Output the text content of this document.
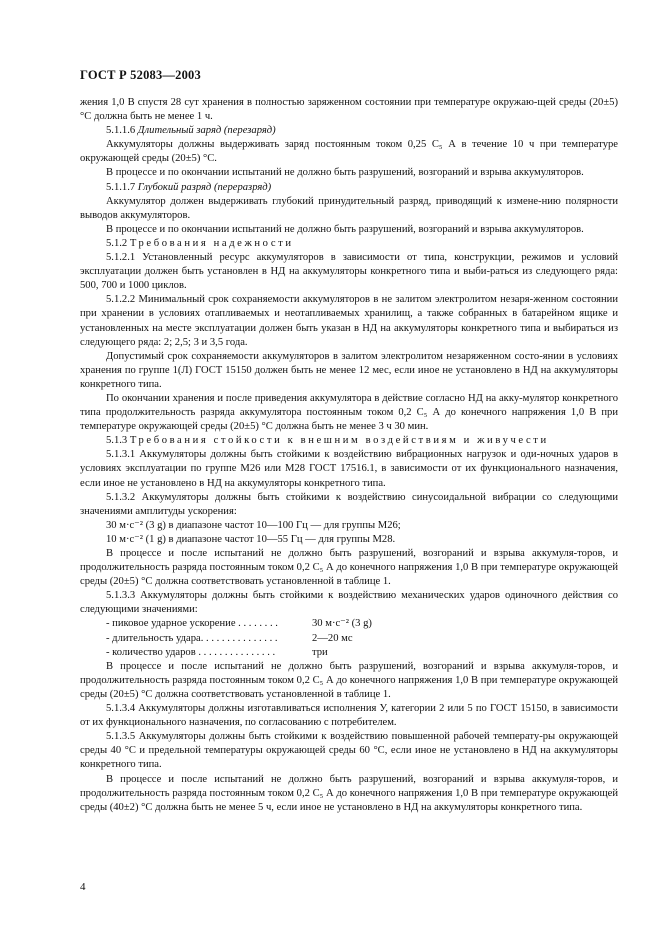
ГОСТ Р 52083—2003

жения 1,0 В спустя 28 сут хранения в полностью заряженном состоянии при температуре окружаю-щей среды (20±5) °С должна быть не менее 1 ч.

5.1.1.6 Длительный заряд (перезаряд)

Аккумуляторы должны выдерживать заряд постоянным током 0,25 C₅ А в течение 10 ч при температуре окружающей среды (20±5) °С.

В процессе и по окончании испытаний не должно быть разрушений, возгораний и взрыва аккумуляторов.

5.1.1.7 Глубокий разряд (переразряд)

Аккумулятор должен выдерживать глубокий принудительный разряд, приводящий к измене-нию полярности выводов аккумуляторов.

В процессе и по окончании испытаний не должно быть разрушений, возгораний и взрыва аккумуляторов.

5.1.2 Требования надежности

5.1.2.1 Установленный ресурс аккумуляторов в зависимости от типа, конструкции, режимов и условий эксплуатации должен быть установлен в НД на аккумуляторы конкретного типа и выби-раться из следующего ряда: 500, 700 и 1000 циклов.

5.1.2.2 Минимальный срок сохраняемости аккумуляторов в не залитом электролитом незаря-женном состоянии при хранении в условиях отапливаемых и неотапливаемых хранилищ, а также собранных в батарейном ящике и установленных на месте эксплуатации должен быть указан в НД на аккумуляторы конкретного типа и выбираться из следующего ряда: 2; 2,5; 3 и 3,5 года.

Допустимый срок сохраняемости аккумуляторов в залитом электролитом незаряженном состо-янии в условиях хранения по группе 1(Л) ГОСТ 15150 должен быть не менее 12 мес, если иное не установлено в НД на аккумуляторы конкретного типа.

По окончании хранения и после приведения аккумулятора в действие согласно НД на акку-мулятор конкретного типа продолжительность разряда аккумулятора постоянным током 0,2 C₅ А до конечного напряжения 1,0 В при температуре окружающей среды (20±5) °С должна быть не менее 3 ч 30 мин.

5.1.3 Требования стойкости к внешним воздействиям и живучести

5.1.3.1 Аккумуляторы должны быть стойкими к воздействию вибрационных нагрузок и оди-ночных ударов в условиях эксплуатации по группе М26 или М28 ГОСТ 17516.1, в зависимости от их функционального назначения, если иное не установлено в НД на аккумуляторы конкретного типа.

5.1.3.2 Аккумуляторы должны быть стойкими к воздействию синусоидальной вибрации со следующими значениями амплитуды ускорения:

30 м·с⁻² (3 g) в диапазоне частот 10—100 Гц — для группы М26;

10 м·с⁻² (1 g) в диапазоне частот 10—55 Гц — для группы М28.

В процессе и после испытаний не должно быть разрушений, возгораний и взрыва аккумуля-торов, и продолжительность разряда постоянным током 0,2 C₅ А до конечного напряжения 1,0 В при температуре окружающей среды (20±5) °С должна соответствовать установленной в таблице 1.

5.1.3.3 Аккумуляторы должны быть стойкими к воздействию механических ударов одиночного действия со следующими значениями:

- пиковое ударное ускорение . . . . . . . .	30 м·с⁻² (3 g)
- длительность удара. . . . . . . . . . . . . . .	2—20 мс
- количество ударов . . . . . . . . . . . . . . .	три

В процессе и после испытаний не должно быть разрушений, возгораний и взрыва аккумуля-торов, и продолжительность разряда постоянным током 0,2 C₅ А до конечного напряжения 1,0 В при температуре окружающей среды (20±5) °С должна соответствовать установленной в таблице 1.

5.1.3.4 Аккумуляторы должны изготавливаться исполнения У, категории 2 или 5 по ГОСТ 15150, в зависимости от их функционального назначения, по согласованию с потребителем.

5.1.3.5 Аккумуляторы должны быть стойкими к воздействию повышенной рабочей температу-ры окружающей среды 40 °С и предельной температуры окружающей среды 60 °С, если иное не установлено в НД на аккумуляторы конкретного типа.

В процессе и после испытаний не должно быть разрушений, возгораний и взрыва аккумуля-торов, и продолжительность разряда постоянным током 0,2 C₅ А до конечного напряжения 1,0 В при температуре окружающей среды (40±2) °С должна быть не менее 5 ч, если иное не установлено в НД на аккумуляторы конкретного типа.

4
